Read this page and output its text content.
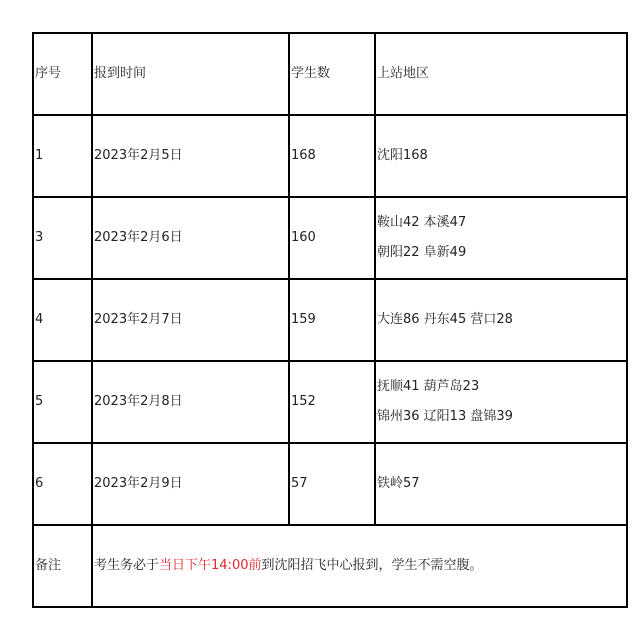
序号	报到时间	学生数	上站地区
1	2023年2月5日	168	沈阳168

3	2023年2月6日	160	鞍山42 本溪47
朝阳22 阜新49

4	2023年2月7日	159	大连86 丹东45 营口28

5	2023年2月8日	152	抚顺41 葫芦岛23
锦州36 辽阳13 盘锦39

6	2023年2月9日	57	铁岭57

备注	考生务必于当日下午14:00前到沈阳招飞中心报到，学生不需空腹。		
